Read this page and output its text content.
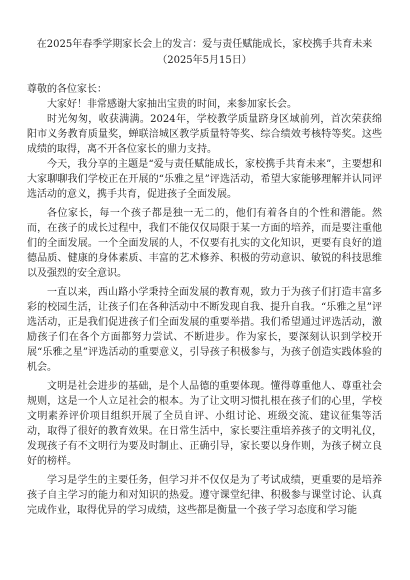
在2025年春季学期家长会上的发言：爱与责任赋能成长，家校携手共育未来

（2025年5月15日）

尊敬的各位家长：

大家好！非常感谢大家抽出宝贵的时间，来参加家长会。

时光匆匆，收获满满。2024年，学校教学质量跻身区域前列，首次荣获绵阳市义务教育质量奖，蝉联涪城区教学质量特等奖、综合绩效考核特等奖。这些成绩的取得，离不开各位家长的鼎力支持。

今天，我分享的主题是“爱与责任赋能成长，家校携手共育未来”，主要想和大家聊聊我们学校正在开展的“乐雅之星”评选活动，希望大家能够理解并认同评选活动的意义，携手共育，促进孩子全面发展。

各位家长，每一个孩子都是独一无二的，他们有着各自的个性和潜能。然而，在孩子的成长过程中，我们不能仅仅局限于某一方面的培养，而是要注重他们的全面发展。一个全面发展的人，不仅要有扎实的文化知识，更要有良好的道德品质、健康的身体素质、丰富的艺术修养、积极的劳动意识、敏锐的科技思维以及强烈的安全意识。

一直以来，西山路小学秉持全面发展的教育观，致力于为孩子们打造丰富多彩的校园生活，让孩子们在各种活动中不断发现自我、提升自我。“乐雅之星”评选活动，正是我们促进孩子们全面发展的重要举措。我们希望通过评选活动，激励孩子们在各个方面都努力尝试、不断进步。作为家长，要深刻认识到学校开展“乐雅之星”评选活动的重要意义，引导孩子积极参与，为孩子创造实践体验的机会。

文明是社会进步的基础，是个人品德的重要体现。懂得尊重他人、尊重社会规则，这是一个人立足社会的根本。为了让文明习惯扎根在孩子们的心里，学校文明素养评价项目组织开展了全员自评、小组讨论、班级交流、建议征集等活动，取得了很好的教育效果。在日常生活中，家长要注重培养孩子的文明礼仪，发现孩子有不文明行为要及时制止、正确引导，家长要以身作则，为孩子树立良好的榜样。

学习是学生的主要任务，但学习并不仅仅是为了考试成绩，更重要的是培养孩子自主学习的能力和对知识的热爱。遵守课堂纪律、积极参与课堂讨论、认真完成作业，取得优异的学习成绩，这些都是衡量一个孩子学习态度和学习能
